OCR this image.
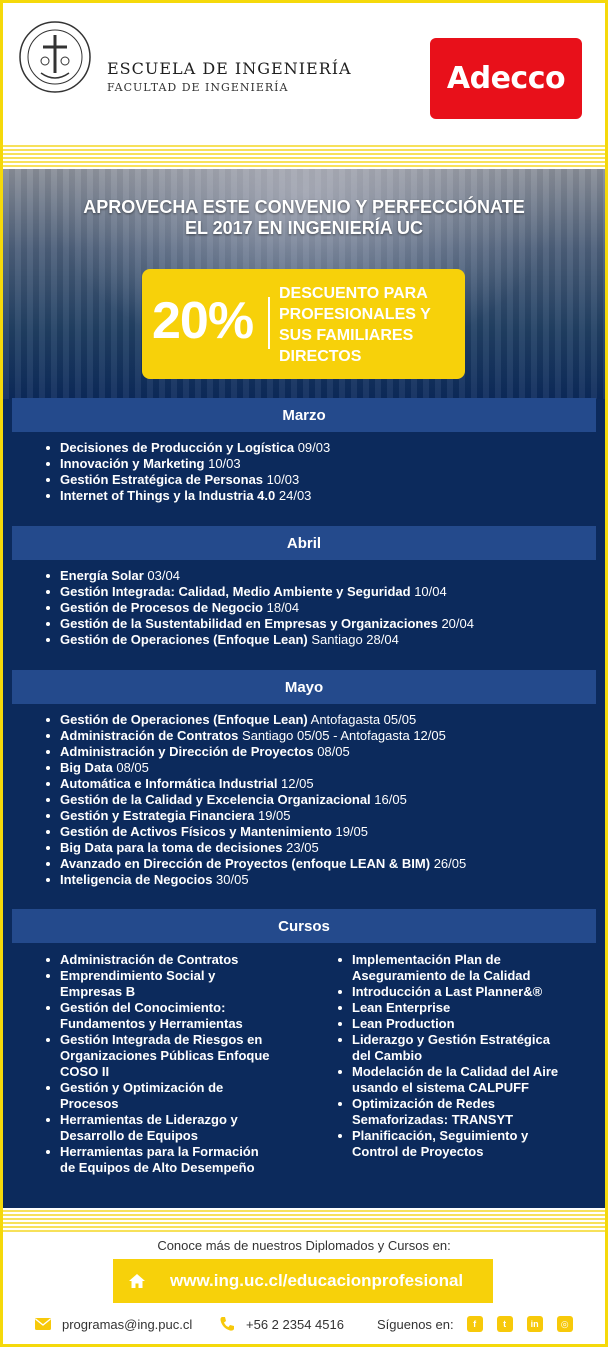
ESCUELA DE INGENIERÍA
FACULTAD DE INGENIERÍA	Adecco
APROVECHA ESTE CONVENIO Y PERFECCIÓNATE
EL 2017 EN INGENIERÍA UC
20% DESCUENTO PARA
PROFESIONALES Y
SUS FAMILIARES
DIRECTOS
Marzo
Decisiones de Producción y Logística 09/03
Innovación y Marketing 10/03
Gestión Estratégica de Personas 10/03
Internet of Things y la Industria 4.0 24/03
Abril
Energía Solar 03/04
Gestión Integrada: Calidad, Medio Ambiente y Seguridad 10/04
Gestión de Procesos de Negocio 18/04
Gestión de la Sustentabilidad en Empresas y Organizaciones 20/04
Gestión de Operaciones (Enfoque Lean) Santiago 28/04
Mayo
Gestión de Operaciones (Enfoque Lean) Antofagasta 05/05
Administración de Contratos Santiago 05/05 - Antofagasta 12/05
Administración y Dirección de Proyectos 08/05
Big Data 08/05
Automática e Informática Industrial 12/05
Gestión de la Calidad y Excelencia Organizacional 16/05
Gestión y Estrategia Financiera 19/05
Gestión de Activos Físicos y Mantenimiento 19/05
Big Data para la toma de decisiones 23/05
Avanzado en Dirección de Proyectos (enfoque LEAN & BIM) 26/05
Inteligencia de Negocios 30/05
Cursos
Administración de Contratos
Emprendimiento Social y
Empresas B
Gestión del Conocimiento:
Fundamentos y Herramientas
Gestión Integrada de Riesgos en
Organizaciones Públicas Enfoque
COSO II
Gestión y Optimización de
Procesos
Herramientas de Liderazgo y
Desarrollo de Equipos
Herramientas para la Formación
de Equipos de Alto Desempeño
Implementación Plan de
Aseguramiento de la Calidad
Introducción a Last Planner&®
Lean Enterprise
Lean Production
Liderazgo y Gestión Estratégica
del Cambio
Modelación de la Calidad del Aire
usando el sistema CALPUFF
Optimización de Redes
Semaforizadas: TRANSYT
Planificación, Seguimiento y
Control de Proyectos
Conoce más de nuestros Diplomados y Cursos en:
www.ing.uc.cl/educacionprofesional
programas@ing.puc.cl	+56 2 2354 4516	Síguenos en:	f	t	in	◎
